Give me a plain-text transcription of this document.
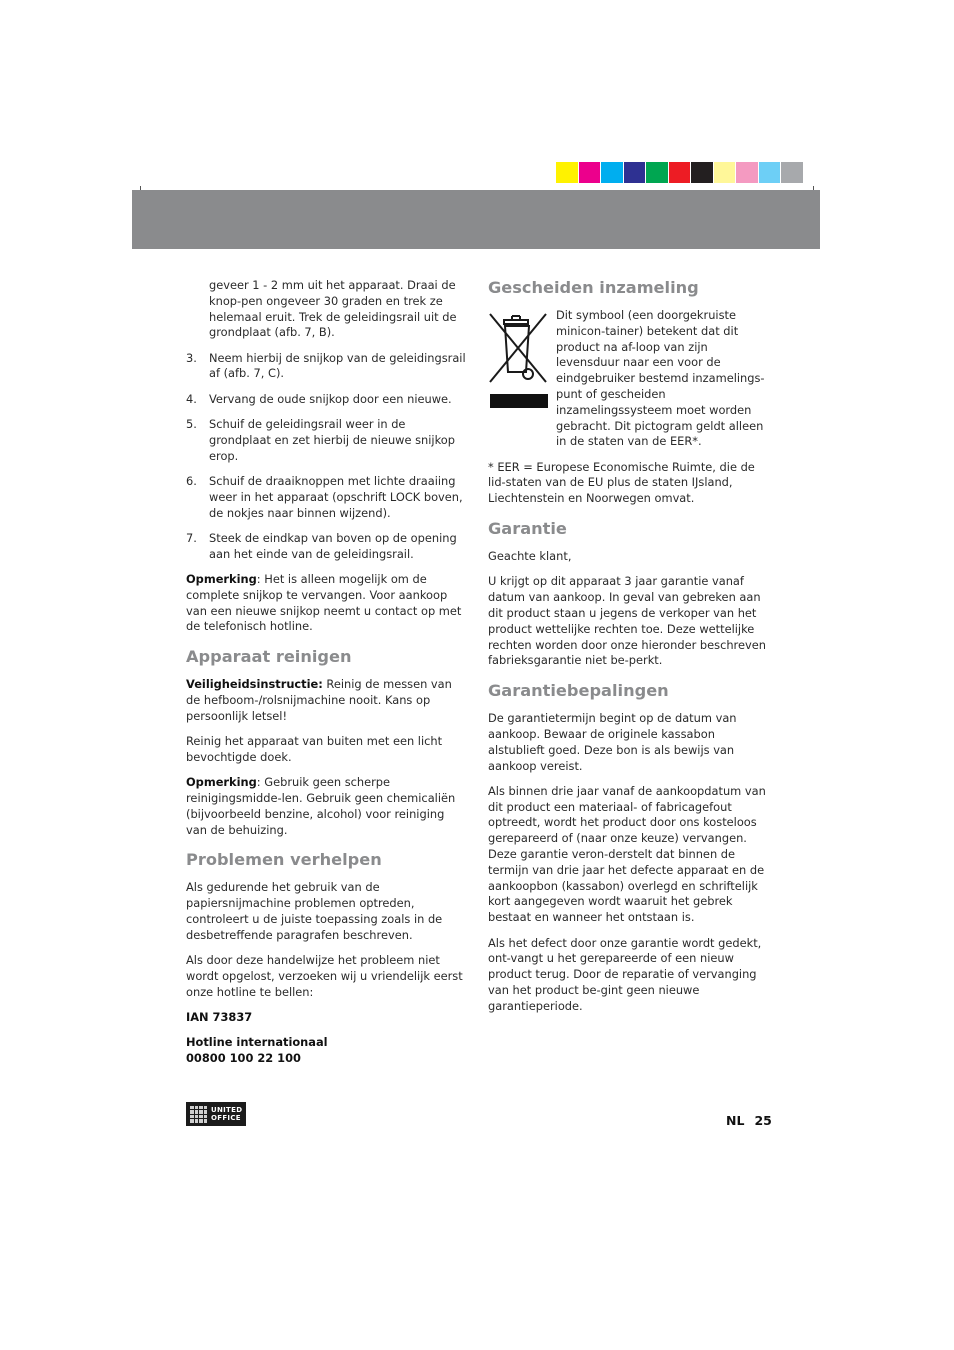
geveer 1 - 2 mm uit het apparaat. Draai de knop-pen ongeveer 30 graden en trek ze helemaal eruit. Trek de geleidingsrail uit de grondplaat (afb. 7, B).

3. Neem hierbij de snijkop van de geleidingsrail af (afb. 7, C).
4. Vervang de oude snijkop door een nieuwe.
5. Schuif de geleidingsrail weer in de grondplaat en zet hierbij de nieuwe snijkop erop.
6. Schuif de draaiknoppen met lichte draaiing weer in het apparaat (opschrift LOCK boven, de nokjes naar binnen wijzend).
7. Steek de eindkap van boven op de opening aan het einde van de geleidingsrail.

Opmerking: Het is alleen mogelijk om de complete snijkop te vervangen. Voor aankoop van een nieuwe snijkop neemt u contact op met de telefonisch hotline.

Apparaat reinigen

Veiligheidsinstructie: Reinig de messen van de hefboom-/rolsnijmachine nooit. Kans op persoonlijk letsel!

Reinig het apparaat van buiten met een licht bevochtigde doek.

Opmerking: Gebruik geen scherpe reinigingsmidde-len. Gebruik geen chemicaliën (bijvoorbeeld benzine, alcohol) voor reiniging van de behuizing.

Problemen verhelpen

Als gedurende het gebruik van de papiersnijmachine problemen optreden, controleert u de juiste toepassing zoals in de desbetreffende paragrafen beschreven.

Als door deze handelwijze het probleem niet wordt opgelost, verzoeken wij u vriendelijk eerst onze hotline te bellen:

IAN 73837

Hotline internationaal
00800 100 22 100
Gescheiden inzameling
Dit symbool (een doorgekruiste minicon-tainer) betekent dat dit product na af-loop van zijn levensduur naar een voor de eindgebruiker bestemd inzamelings-punt of gescheiden inzamelingssysteem moet worden gebracht. Dit pictogram geldt alleen in de staten van de EER*.

* EER = Europese Economische Ruimte, die de lid-staten van de EU plus de staten IJsland, Liechtenstein en Noorwegen omvat.

Garantie

Geachte klant,

U krijgt op dit apparaat 3 jaar garantie vanaf datum van aankoop. In geval van gebreken aan dit product staan u jegens de verkoper van het product wettelijke rechten toe. Deze wettelijke rechten worden door onze hieronder beschreven fabrieksgarantie niet be-perkt.

Garantiebepalingen

De garantietermijn begint op de datum van aankoop. Bewaar de originele kassabon alstublieft goed. Deze bon is als bewijs van aankoop vereist.

Als binnen drie jaar vanaf de aankoopdatum van dit product een materiaal- of fabricagefout optreedt, wordt het product door ons kosteloos gerepareerd of (naar onze keuze) vervangen. Deze garantie veron-derstelt dat binnen de termijn van drie jaar het defecte apparaat en de aankoopbon (kassabon) overlegd en schriftelijk kort aangegeven wordt waaruit het gebrek bestaat en wanneer het ontstaan is.

Als het defect door onze garantie wordt gedekt, ont-vangt u het gerepareerde of een nieuw product terug. Door de reparatie of vervanging van het product be-gint geen nieuwe garantieperiode.

UNITED
OFFICE	NL 25
